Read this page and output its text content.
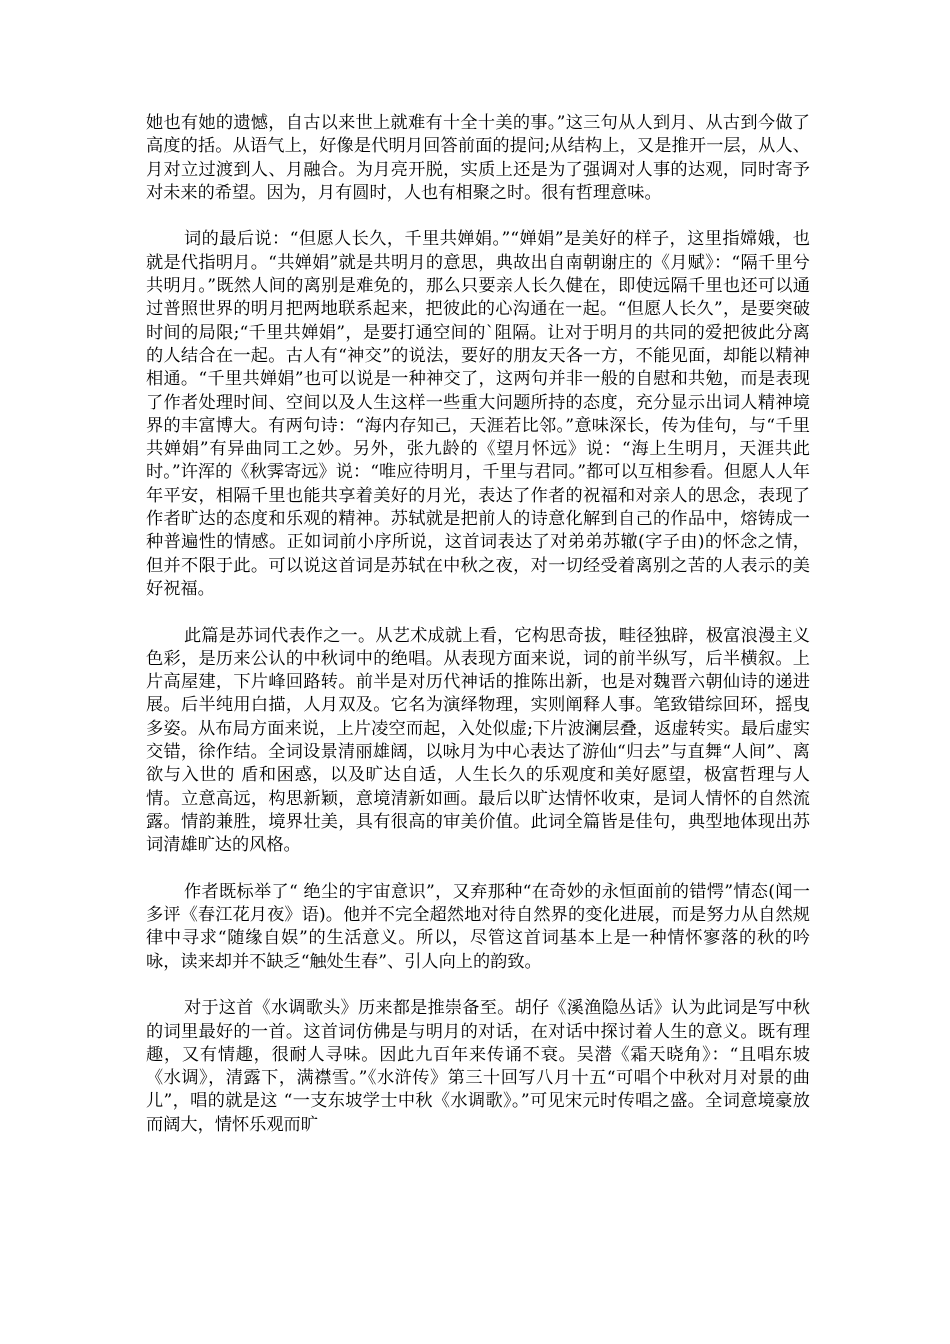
她也有她的遗憾，自古以来世上就难有十全十美的事。”这三句从人到月、从古到今做了高度的括。从语气上，好像是代明月回答前面的提问;从结构上，又是推开一层，从人、月对立过渡到人、月融合。为月亮开脱，实质上还是为了强调对人事的达观，同时寄予对未来的希望。因为，月有圆时，人也有相聚之时。很有哲理意味。

词的最后说：“但愿人长久，千里共婵娟。”“婵娟”是美好的样子，这里指嫦娥，也就是代指明月。“共婵娟”就是共明月的意思，典故出自南朝谢庄的《月赋》：“隔千里兮共明月。”既然人间的离别是难免的，那么只要亲人长久健在，即使远隔千里也还可以通过普照世界的明月把两地联系起来，把彼此的心沟通在一起。“但愿人长久”，是要突破时间的局限;“千里共婵娟”，是要打通空间的`阻隔。让对于明月的共同的爱把彼此分离的人结合在一起。古人有“神交”的说法，要好的朋友天各一方，不能见面，却能以精神相通。“千里共婵娟”也可以说是一种神交了，这两句并非一般的自慰和共勉，而是表现了作者处理时间、空间以及人生这样一些重大问题所持的态度，充分显示出词人精神境界的丰富博大。有两句诗：“海内存知己，天涯若比邻。”意味深长，传为佳句，与“千里共婵娟”有异曲同工之妙。另外，张九龄的《望月怀远》说：“海上生明月，天涯共此时。”许浑的《秋霁寄远》说：“唯应待明月，千里与君同。”都可以互相参看。但愿人人年年平安，相隔千里也能共享着美好的月光，表达了作者的祝福和对亲人的思念，表现了作者旷达的态度和乐观的精神。苏轼就是把前人的诗意化解到自己的作品中，熔铸成一种普遍性的情感。正如词前小序所说，这首词表达了对弟弟苏辙(字子由)的怀念之情，但并不限于此。可以说这首词是苏轼在中秋之夜，对一切经受着离别之苦的人表示的美好祝福。

此篇是苏词代表作之一。从艺术成就上看，它构思奇拔，畦径独辟，极富浪漫主义色彩，是历来公认的中秋词中的绝唱。从表现方面来说，词的前半纵写，后半横叙。上片高屋建，下片峰回路转。前半是对历代神话的推陈出新，也是对魏晋六朝仙诗的递进展。后半纯用白描，人月双及。它名为演绎物理，实则阐释人事。笔致错综回环，摇曳多姿。从布局方面来说，上片凌空而起，入处似虚;下片波澜层叠，返虚转实。最后虚实交错，徐作结。全词设景清丽雄阔，以咏月为中心表达了游仙“归去”与直舞“人间”、离欲与入世的 盾和困惑，以及旷达自适，人生长久的乐观度和美好愿望，极富哲理与人情。立意高远，构思新颖，意境清新如画。最后以旷达情怀收束，是词人情怀的自然流露。情韵兼胜，境界壮美，具有很高的审美价值。此词全篇皆是佳句，典型地体现出苏词清雄旷达的风格。

作者既标举了“ 绝尘的宇宙意识”，又弃那种“在奇妙的永恒面前的错愕”情态(闻一多评《春江花月夜》语)。他并不完全超然地对待自然界的变化进展，而是努力从自然规律中寻求“随缘自娱”的生活意义。所以，尽管这首词基本上是一种情怀寥落的秋的吟咏，读来却并不缺乏“触处生春”、引人向上的韵致。

对于这首《水调歌头》历来都是推崇备至。胡仔《溪渔隐丛话》认为此词是写中秋的词里最好的一首。这首词仿佛是与明月的对话，在对话中探讨着人生的意义。既有理趣，又有情趣，很耐人寻味。因此九百年来传诵不衰。吴潜《霜天晓角》：“且唱东坡《水调》，清露下，满襟雪。”《水浒传》第三十回写八月十五“可唱个中秋对月对景的曲儿”，唱的就是这 “一支东坡学士中秋《水调歌》。”可见宋元时传唱之盛。全词意境豪放而阔大，情怀乐观而旷
